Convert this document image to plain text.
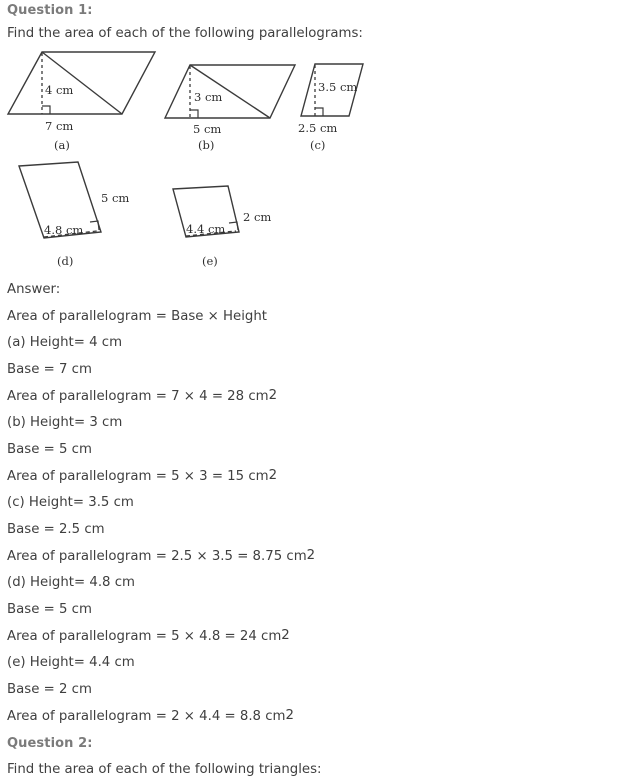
Question 1:
Find the area of each of the following parallelograms:
4 cm
7 cm
3 cm
5 cm
3.5 cm
2.5 cm
5 cm
4.8 cm
2 cm
4.4 cm
(a)	(b)	(c)
(d)	(e)
Answer:
Area of parallelogram = Base × Height
(a) Height= 4 cm
Base = 7 cm
Area of parallelogram = 7 × 4 = 28 cm 2
(b) Height= 3 cm
Base = 5 cm
Area of parallelogram = 5 × 3 = 15 cm 2
(c) Height= 3.5 cm
Base = 2.5 cm
Area of parallelogram = 2.5 × 3.5 = 8.75 cm 2
(d) Height= 4.8 cm
Base = 5 cm
Area of parallelogram = 5 × 4.8 = 24 cm 2
(e) Height= 4.4 cm
Base = 2 cm
Area of parallelogram = 2 × 4.4 = 8.8 cm 2
Question 2:
Find the area of each of the following triangles:
